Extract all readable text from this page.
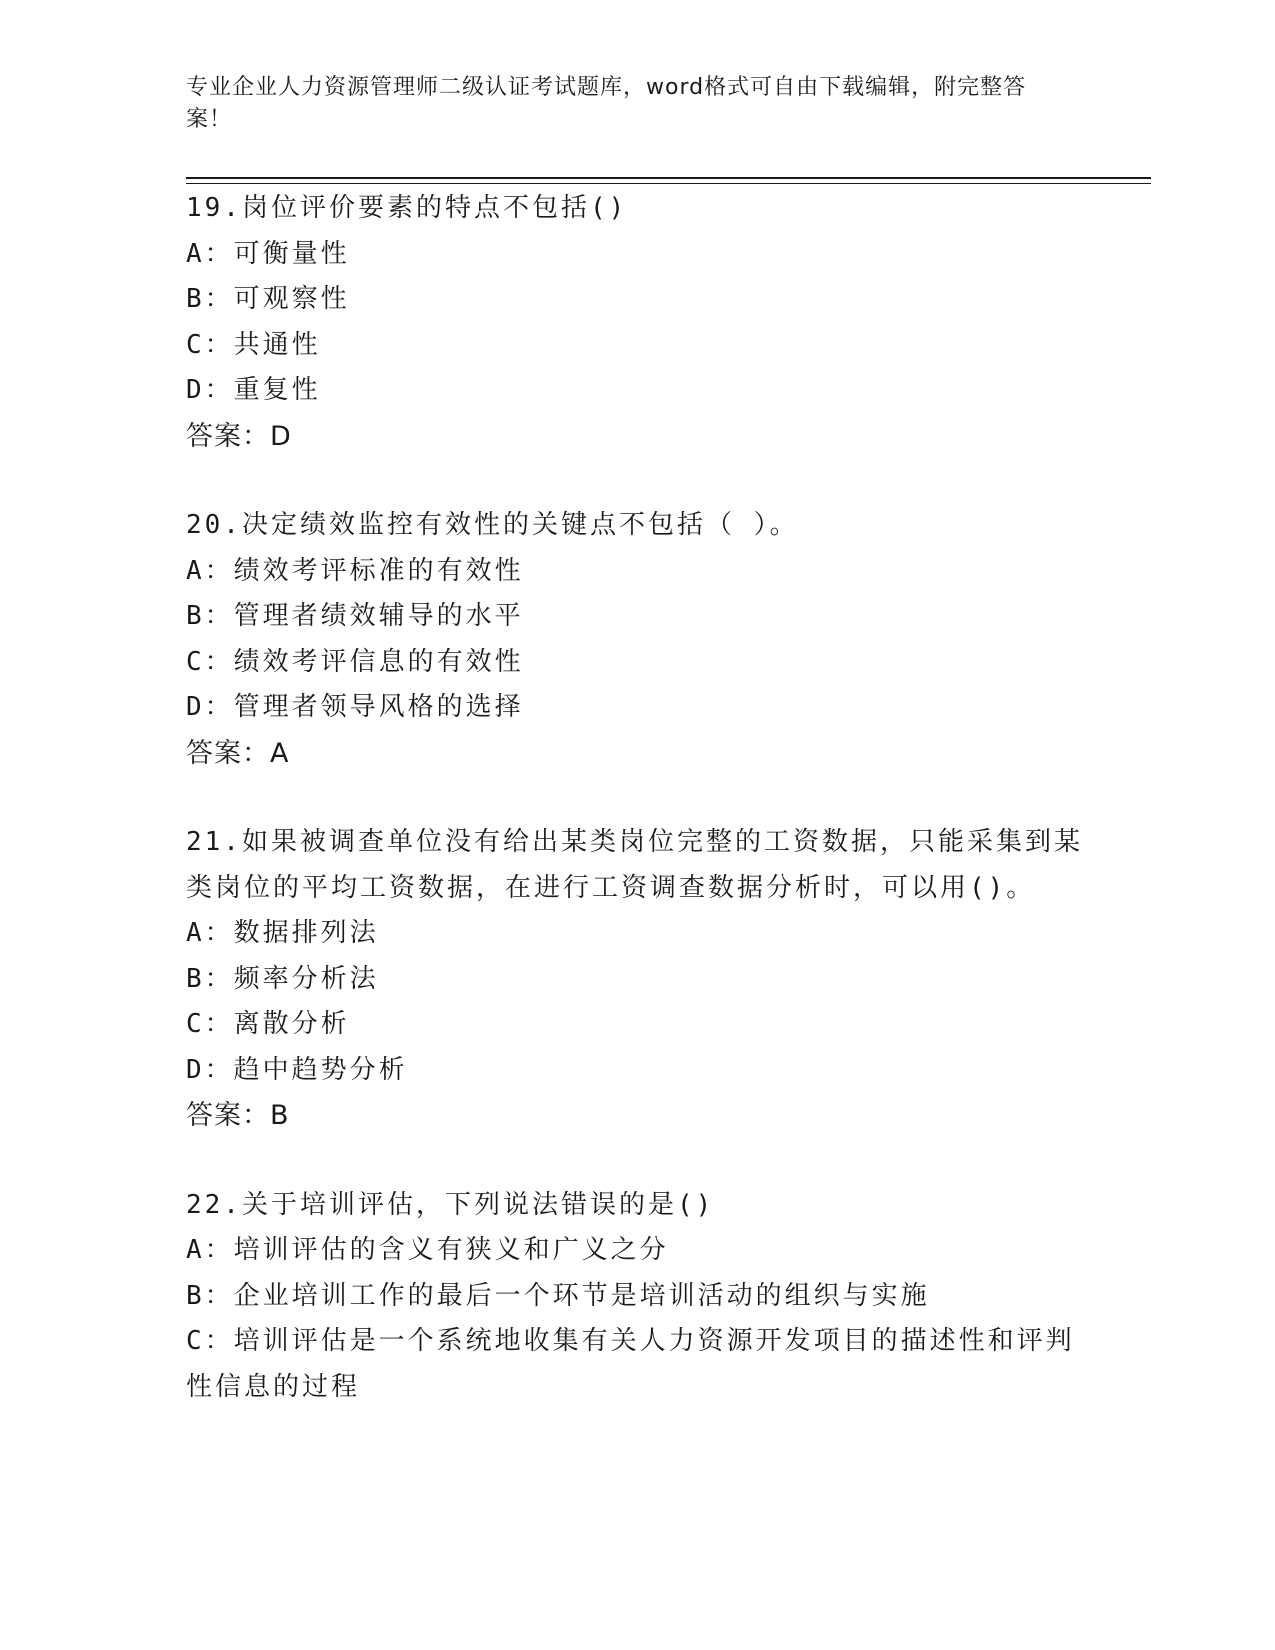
专业企业人力资源管理师二级认证考试题库，word格式可自由下载编辑，附完整答案！
19.岗位评价要素的特点不包括()
A：可衡量性
B：可观察性
C：共通性
D：重复性
答案：D
20.决定绩效监控有效性的关键点不包括（ ）。
A：绩效考评标准的有效性
B：管理者绩效辅导的水平
C：绩效考评信息的有效性
D：管理者领导风格的选择
答案：A
21.如果被调查单位没有给出某类岗位完整的工资数据，只能采集到某类岗位的平均工资数据，在进行工资调查数据分析时，可以用()。
A：数据排列法
B：频率分析法
C：离散分析
D：趋中趋势分析
答案：B
22.关于培训评估，下列说法错误的是()
A：培训评估的含义有狭义和广义之分
B：企业培训工作的最后一个环节是培训活动的组织与实施
C：培训评估是一个系统地收集有关人力资源开发项目的描述性和评判性信息的过程
